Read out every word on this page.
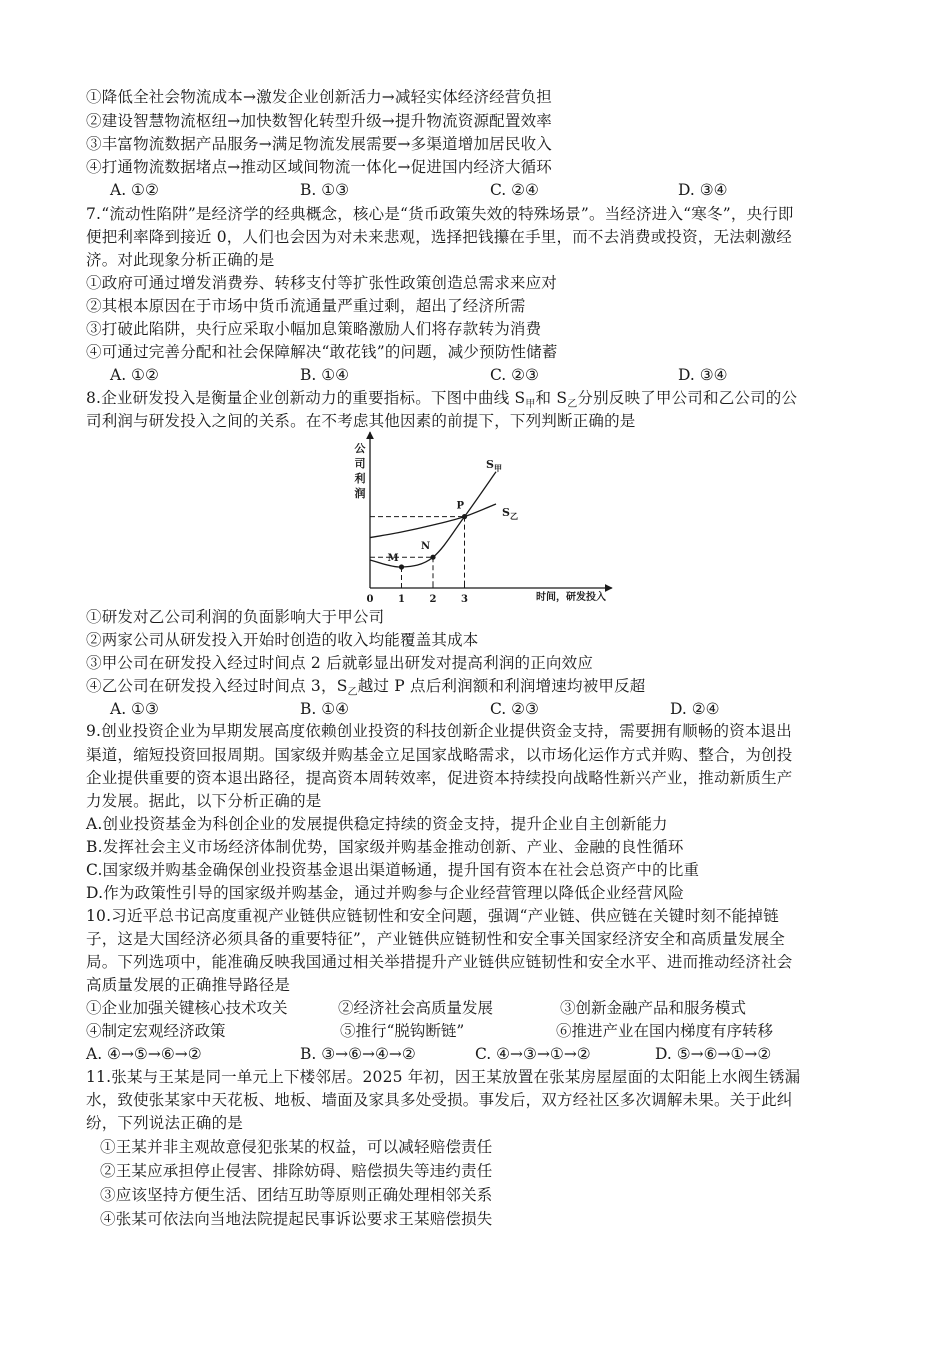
①降低全社会物流成本→激发企业创新活力→减轻实体经济经营负担
②建设智慧物流枢纽→加快数智化转型升级→提升物流资源配置效率
③丰富物流数据产品服务→满足物流发展需要→多渠道增加居民收入
④打通物流数据堵点→推动区域间物流一体化→促进国内经济大循环
A. ①②	B. ①③	C. ②④	D. ③④
7.“流动性陷阱”是经济学的经典概念，核心是“货币政策失效的特殊场景”。当经济进入“寒冬”，央行即
便把利率降到接近 0，人们也会因为对未来悲观，选择把钱攥在手里，而不去消费或投资，无法刺激经
济。对此现象分析正确的是
①政府可通过增发消费券、转移支付等扩张性政策创造总需求来应对
②其根本原因在于市场中货币流通量严重过剩，超出了经济所需
③打破此陷阱，央行应采取小幅加息策略激励人们将存款转为消费
④可通过完善分配和社会保障解决“敢花钱”的问题，减少预防性储蓄
A. ①②	B. ①④	C. ②③	D. ③④
8.企业研发投入是衡量企业创新动力的重要指标。下图中曲线 $S_甲$和 $S_乙$分别反映了甲公司和乙公司的公
司利润与研发投入之间的关系。在不考虑其他因素的前提下，下列判断正确的是
公
司
利
润
时间，研发投入
0 1 2 3
$S_甲$
$S_乙$
M
N
P
①研发对乙公司利润的负面影响大于甲公司
②两家公司从研发投入开始时创造的收入均能覆盖其成本
③甲公司在研发投入经过时间点 2 后就彰显出研发对提高利润的正向效应
④乙公司在研发投入经过时间点 3，$S_乙$越过 P 点后利润额和利润增速均被甲反超
A. ①③	B. ①④	C. ②③	D. ②④
9.创业投资企业为早期发展高度依赖创业投资的科技创新企业提供资金支持，需要拥有顺畅的资本退出
渠道，缩短投资回报周期。国家级并购基金立足国家战略需求，以市场化运作方式并购、整合，为创投
企业提供重要的资本退出路径，提高资本周转效率，促进资本持续投向战略性新兴产业，推动新质生产
力发展。据此，以下分析正确的是
A.创业投资基金为科创企业的发展提供稳定持续的资金支持，提升企业自主创新能力
B.发挥社会主义市场经济体制优势，国家级并购基金推动创新、产业、金融的良性循环
C.国家级并购基金确保创业投资基金退出渠道畅通，提升国有资本在社会总资产中的比重
D.作为政策性引导的国家级并购基金，通过并购参与企业经营管理以降低企业经营风险
10.习近平总书记高度重视产业链供应链韧性和安全问题，强调“产业链、供应链在关键时刻不能掉链
子，这是大国经济必须具备的重要特征”，产业链供应链韧性和安全事关国家经济安全和高质量发展全
局。下列选项中，能准确反映我国通过相关举措提升产业链供应链韧性和安全水平、进而推动经济社会
高质量发展的正确推导路径是
①企业加强关键核心技术攻关	②经济社会高质量发展	③创新金融产品和服务模式
④制定宏观经济政策	⑤推行“脱钩断链”	⑥推进产业在国内梯度有序转移
A. ④→⑤→⑥→②	B. ③→⑥→④→②	C. ④→③→①→②	D. ⑤→⑥→①→②
11.张某与王某是同一单元上下楼邻居。2025 年初，因王某放置在张某房屋屋面的太阳能上水阀生锈漏
水，致使张某家中天花板、地板、墙面及家具多处受损。事发后，双方经社区多次调解未果。关于此纠
纷，下列说法正确的是
①王某并非主观故意侵犯张某的权益，可以减轻赔偿责任
②王某应承担停止侵害、排除妨碍、赔偿损失等违约责任
③应该坚持方便生活、团结互助等原则正确处理相邻关系
④张某可依法向当地法院提起民事诉讼要求王某赔偿损失
